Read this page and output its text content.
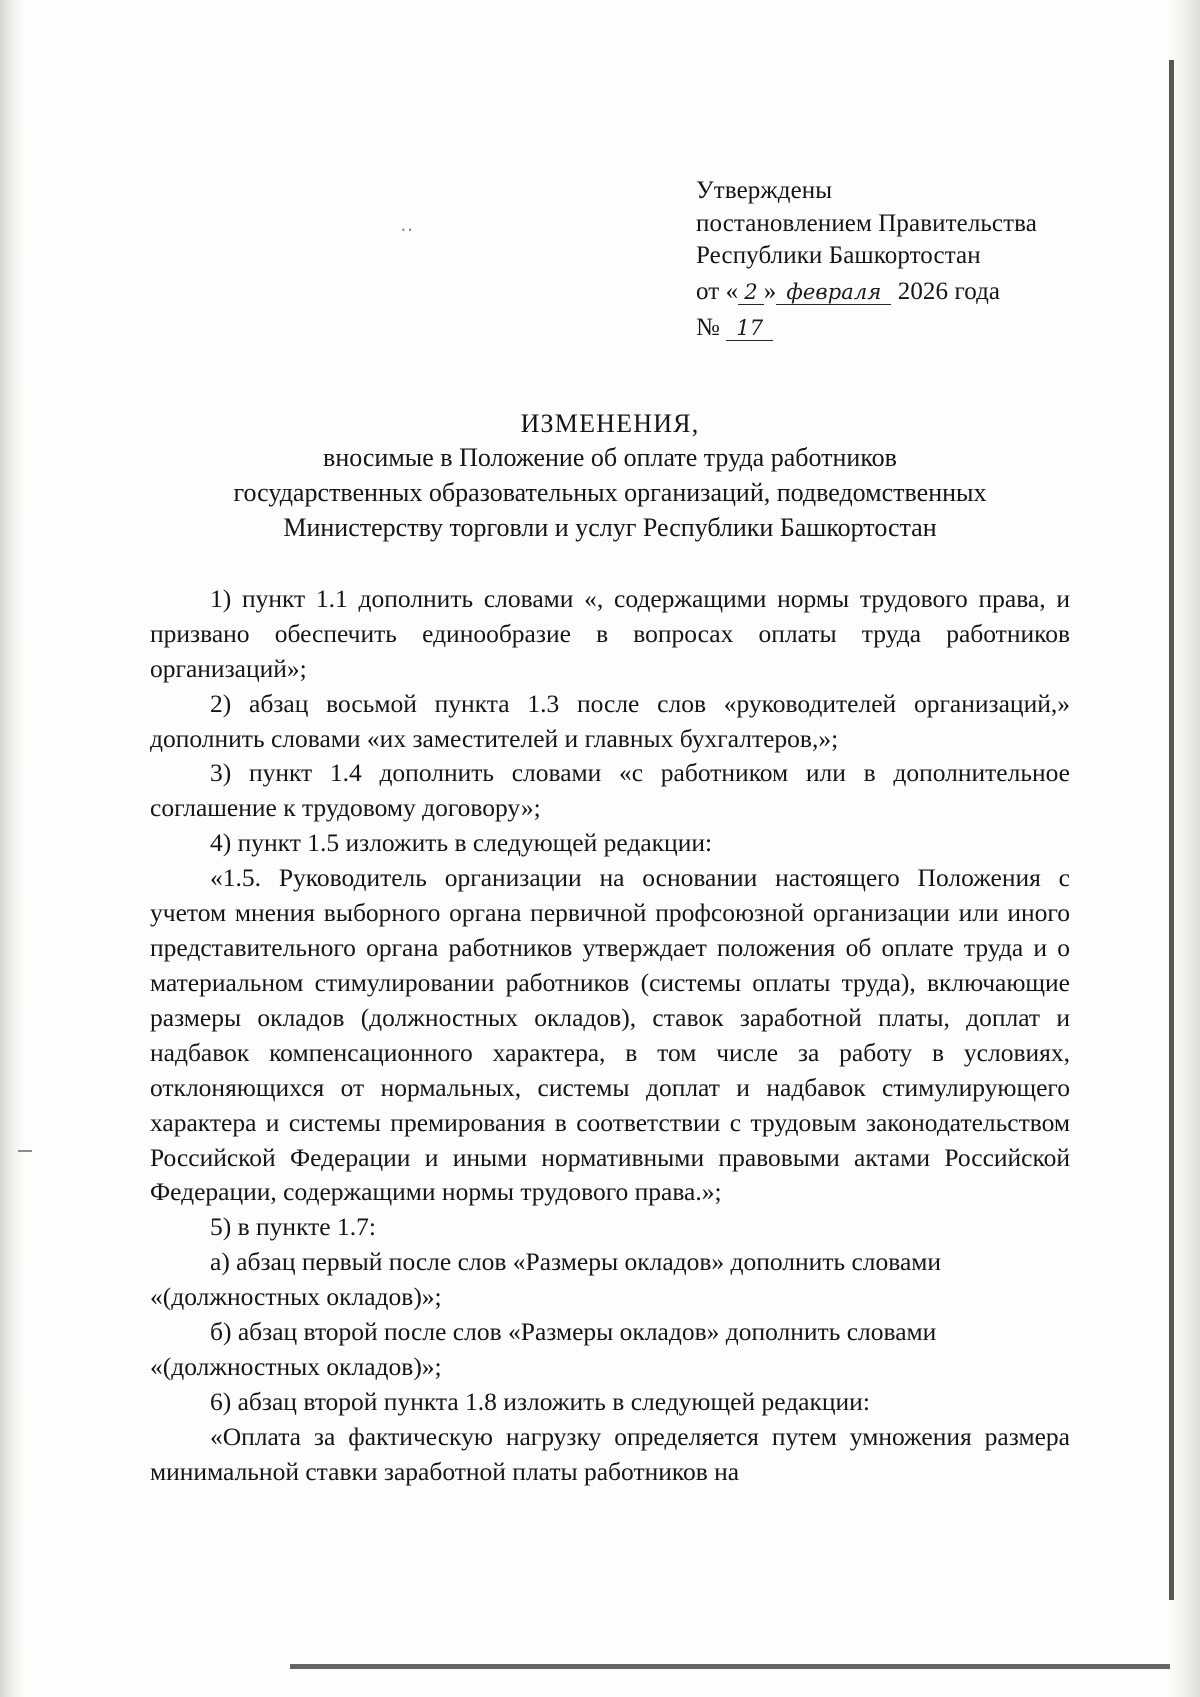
‥
Утверждены
постановлением Правительства
Республики Башкортостан
от « 2 » февраля 2026 года
№ 17
ИЗМЕНЕНИЯ,
вносимые в Положение об оплате труда работников
государственных образовательных организаций, подведомственных
Министерству торговли и услуг Республики Башкортостан

1) пункт 1.1 дополнить словами «, содержащими нормы трудового права, и призвано обеспечить единообразие в вопросах оплаты труда работников организаций»;

2) абзац восьмой пункта 1.3 после слов «руководителей организаций,» дополнить словами «их заместителей и главных бухгалтеров,»;

3) пункт 1.4 дополнить словами «с работником или в дополнительное соглашение к трудовому договору»;

4) пункт 1.5 изложить в следующей редакции:

«1.5. Руководитель организации на основании настоящего Положения с учетом мнения выборного органа первичной профсоюзной организации или иного представительного органа работников утверждает положения об оплате труда и о материальном стимулировании работников (системы оплаты труда), включающие размеры окладов (должностных окладов), ставок заработной платы, доплат и надбавок компенсационного характера, в том числе за работу в условиях, отклоняющихся от нормальных, системы доплат и надбавок стимулирующего характера и системы премирования в соответствии с трудовым законодательством Российской Федерации и иными нормативными правовыми актами Российской Федерации, содержащими нормы трудового права.»;

5) в пункте 1.7:

а) абзац первый после слов «Размеры окладов» дополнить словами «(должностных окладов)»;

б) абзац второй после слов «Размеры окладов» дополнить словами «(должностных окладов)»;

6) абзац второй пункта 1.8 изложить в следующей редакции:

«Оплата за фактическую нагрузку определяется путем умножения размера минимальной ставки заработной платы работников на
